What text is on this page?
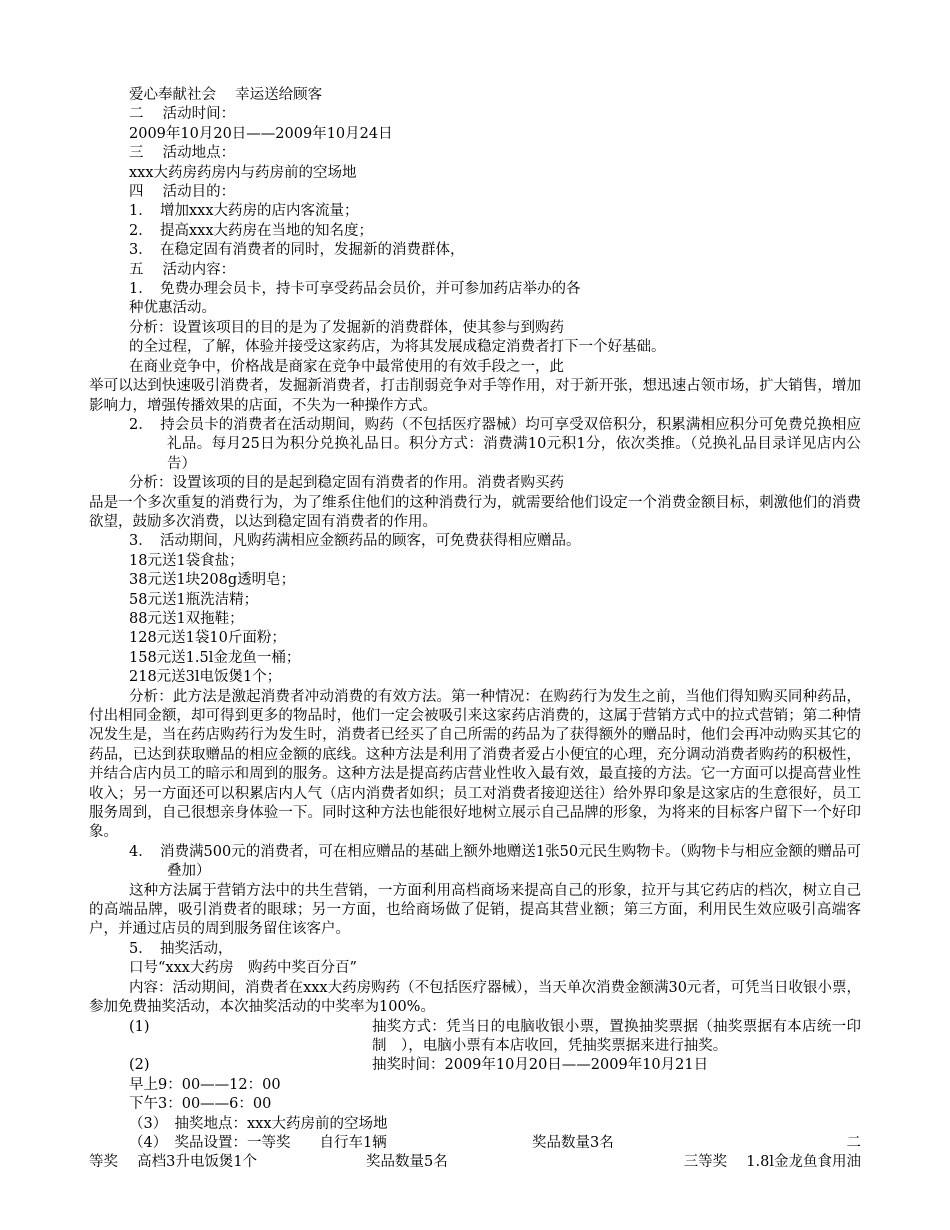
爱心奉献社会　 幸运送给顾客
二　 活动时间：
2009年10月20日——2009年10月24日
三　 活动地点：
xxx大药房药房内与药房前的空场地
四　 活动目的：
1．　增加xxx大药房的店内客流量；
2．　提高xxx大药房在当地的知名度；
3．　在稳定固有消费者的同时，发掘新的消费群体，
五　 活动内容：
1．　免费办理会员卡，持卡可享受药品会员价，并可参加药店举办的各
种优惠活动。
分析：设置该项目的目的是为了发掘新的消费群体，使其参与到购药
的全过程，了解，体验并接受这家药店，为将其发展成稳定消费者打下一个好基础。
在商业竞争中，价格战是商家在竞争中最常使用的有效手段之一，此
举可以达到快速吸引消费者，发掘新消费者，打击削弱竞争对手等作用，对于新开张，想迅速占领市场，扩大销售，增加影响力，增强传播效果的店面，不失为一种操作方式。
2．　持会员卡的消费者在活动期间，购药（不包括医疗器械）均可享受双倍积分，积累满相应积分可免费兑换相应礼品。每月25日为积分兑换礼品日。积分方式：消费满10元积1分，依次类推。（兑换礼品目录详见店内公告）
分析：设置该项的目的是起到稳定固有消费者的作用。消费者购买药
品是一个多次重复的消费行为，为了维系住他们的这种消费行为，就需要给他们设定一个消费金额目标，刺激他们的消费欲望，鼓励多次消费，以达到稳定固有消费者的作用。
3．　活动期间，凡购药满相应金额药品的顾客，可免费获得相应赠品。
18元送1袋食盐；
38元送1块208g透明皂；
58元送1瓶洗洁精；
88元送1双拖鞋；
128元送1袋10斤面粉；
158元送1.5l金龙鱼一桶；
218元送3l电饭煲1个；
分析：此方法是激起消费者冲动消费的有效方法。第一种情况：在购药行为发生之前，当他们得知购买同种药品，付出相同金额，却可得到更多的物品时，他们一定会被吸引来这家药店消费的，这属于营销方式中的拉式营销；第二种情况发生是，当在药店购药行为发生时，消费者已经买了自己所需的药品为了获得额外的赠品时，他们会再冲动购买其它的药品，已达到获取赠品的相应金额的底线。这种方法是利用了消费者爱占小便宜的心理，充分调动消费者购药的积极性，并结合店内员工的暗示和周到的服务。这种方法是提高药店营业性收入最有效，最直接的方法。它一方面可以提高营业性收入；另一方面还可以积累店内人气（店内消费者如织；员工对消费者接迎送往）给外界印象是这家店的生意很好，员工服务周到，自己很想亲身体验一下。同时这种方法也能很好地树立展示自己品牌的形象，为将来的目标客户留下一个好印象。
4．　消费满500元的消费者，可在相应赠品的基础上额外地赠送1张50元民生购物卡。（购物卡与相应金额的赠品可叠加）
这种方法属于营销方法中的共生营销，一方面利用高档商场来提高自己的形象，拉开与其它药店的档次，树立自己的高端品牌，吸引消费者的眼球；另一方面，也给商场做了促销，提高其营业额；第三方面，利用民生效应吸引高端客户，并通过店员的周到服务留住该客户。
5．　抽奖活动，
口号“xxx大药房　购药中奖百分百”
内容：活动期间，消费者在xxx大药房购药（不包括医疗器械），当天单次消费金额满30元者，可凭当日收银小票，参加免费抽奖活动，本次抽奖活动的中奖率为100%。
(1)	抽奖方式：凭当日的电脑收银小票，置换抽奖票据（抽奖票据有本店统一印制　），电脑小票有本店收回，凭抽奖票据来进行抽奖。
(2)	抽奖时间：2009年10月20日——2009年10月21日
早上9：00——12：00
下午3：00——6：00
（3）　抽奖地点：xxx大药房前的空场地
（4）　奖品设置：一等奖　　自行车1辆	奖品数量3名	二
等奖　 高档3升电饭煲1个	奖品数量5名	三等奖　 1.8l金龙鱼食用油
